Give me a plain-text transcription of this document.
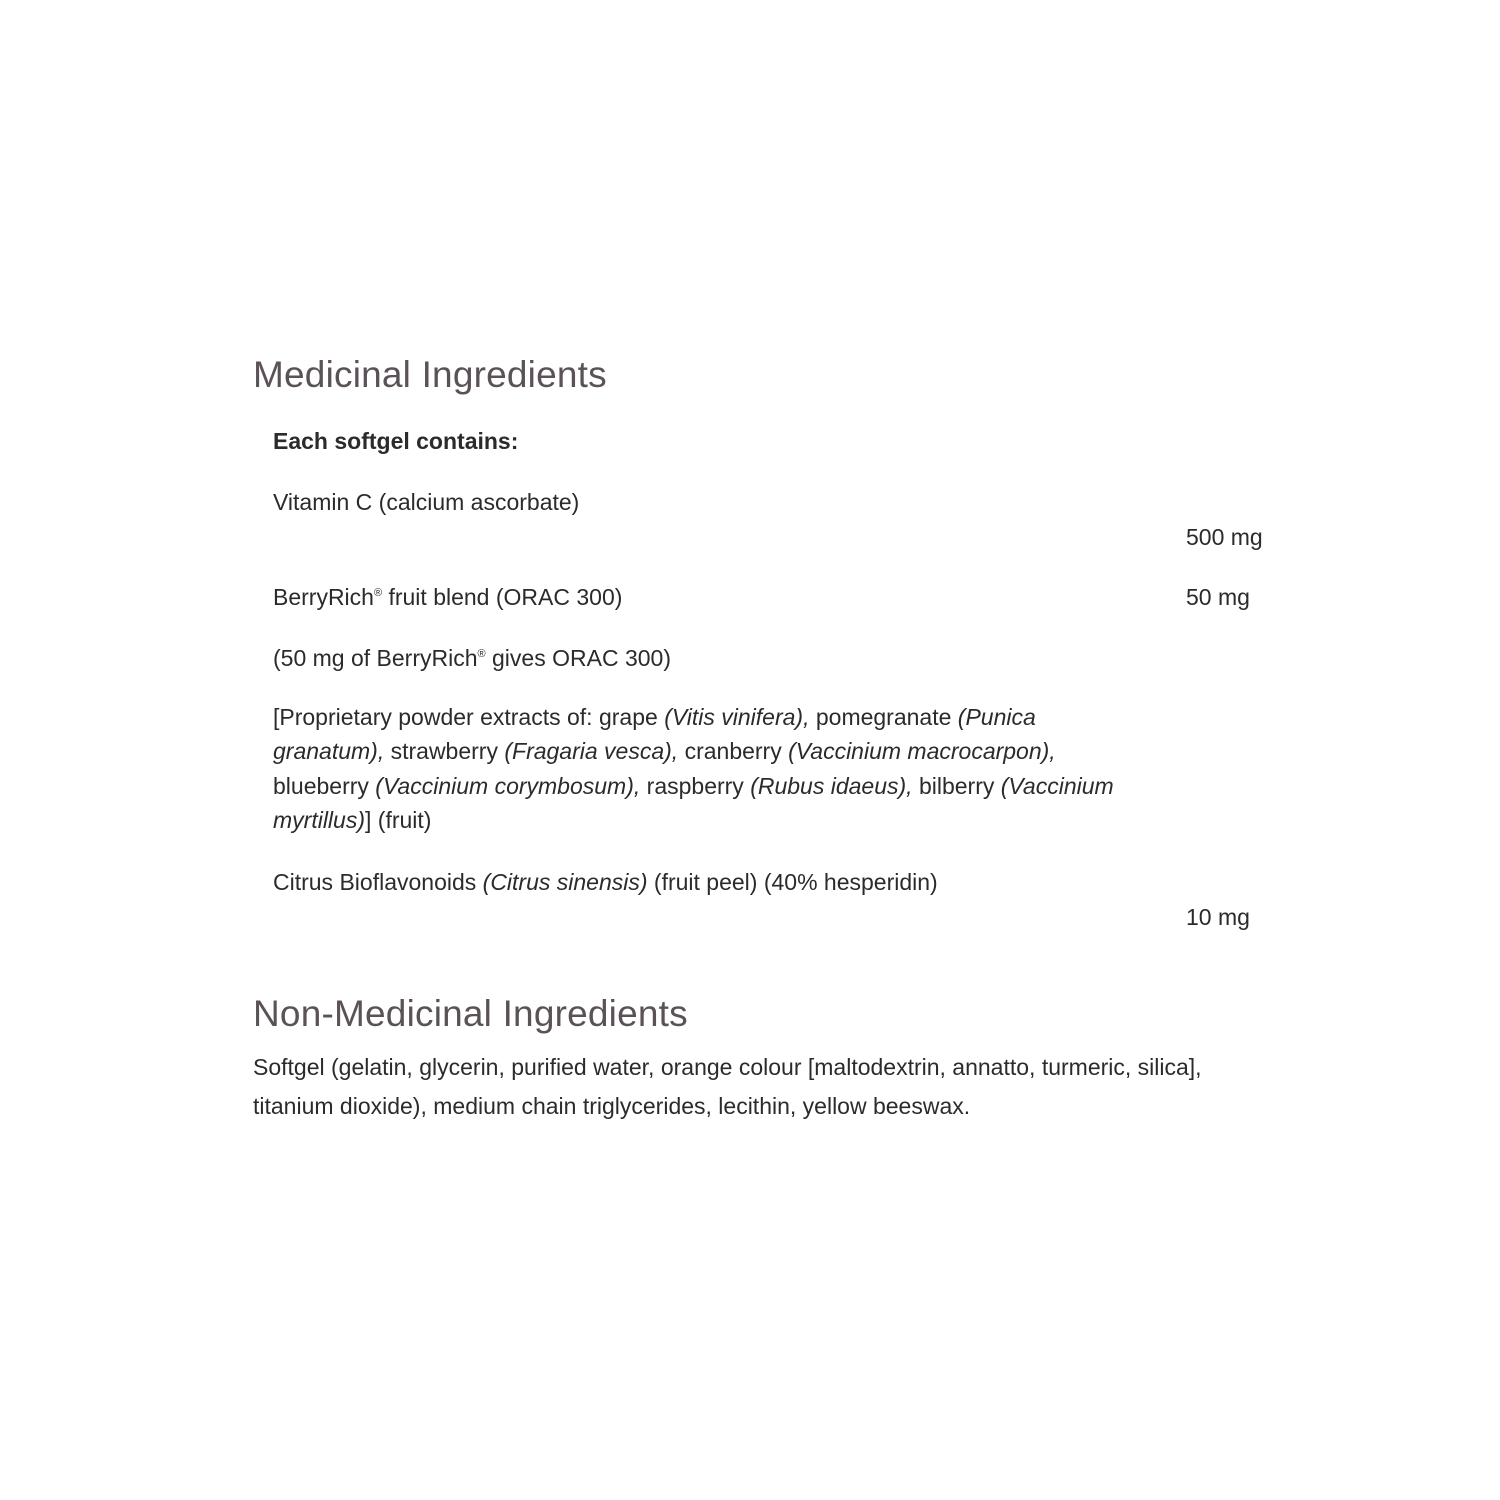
Medicinal Ingredients

Each softgel contains:

Vitamin C (calcium ascorbate)

500 mg

BerryRich® fruit blend (ORAC 300)	50 mg

(50 mg of BerryRich® gives ORAC 300)

[Proprietary powder extracts of: grape (Vitis vinifera), pomegranate (Punica granatum), strawberry (Fragaria vesca), cranberry (Vaccinium macrocarpon), blueberry (Vaccinium corymbosum), raspberry (Rubus idaeus), bilberry (Vaccinium myrtillus)] (fruit)

Citrus Bioflavonoids (Citrus sinensis) (fruit peel) (40% hesperidin)

10 mg

Non-Medicinal Ingredients

Softgel (gelatin, glycerin, purified water, orange colour [maltodextrin, annatto, turmeric, silica], titanium dioxide), medium chain triglycerides, lecithin, yellow beeswax.
